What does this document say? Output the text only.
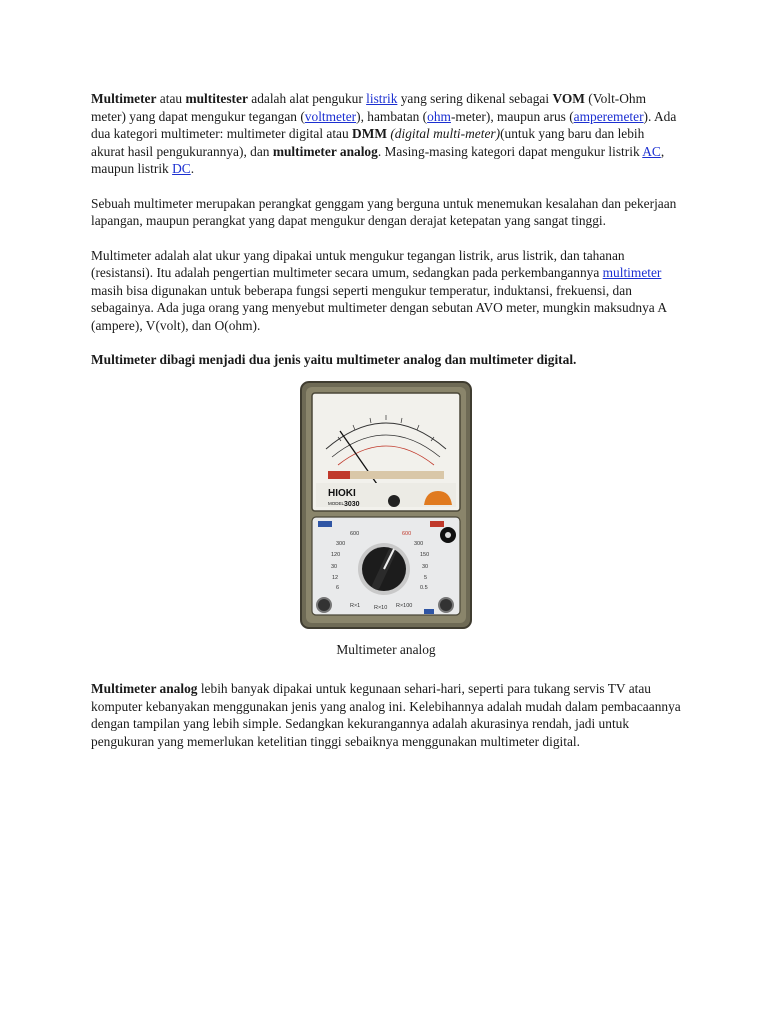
Multimeter atau multitester adalah alat pengukur listrik yang sering dikenal sebagai VOM (Volt-Ohm meter) yang dapat mengukur tegangan (voltmeter), hambatan (ohm-meter), maupun arus (amperemeter). Ada dua kategori multimeter: multimeter digital atau DMM (digital multi-meter)(untuk yang baru dan lebih akurat hasil pengukurannya), dan multimeter analog. Masing-masing kategori dapat mengukur listrik AC, maupun listrik DC.

Sebuah multimeter merupakan perangkat genggam yang berguna untuk menemukan kesalahan dan pekerjaan lapangan, maupun perangkat yang dapat mengukur dengan derajat ketepatan yang sangat tinggi.

Multimeter adalah alat ukur yang dipakai untuk mengukur tegangan listrik, arus listrik, dan tahanan (resistansi). Itu adalah pengertian multimeter secara umum, sedangkan pada perkembangannya multimeter masih bisa digunakan untuk beberapa fungsi seperti mengukur temperatur, induktansi, frekuensi, dan sebagainya. Ada juga orang yang menyebut multimeter dengan sebutan AVO meter, mungkin maksudnya A (ampere), V(volt), dan O(ohm).

Multimeter dibagi menjadi dua jenis yaitu multimeter analog dan multimeter digital.

HIOKI
MODEL 3030
600
300
120
30
12
6
600
300
150
30
5
0.5
R×1	R×10 R×100
Multimeter analog

Multimeter analog lebih banyak dipakai untuk kegunaan sehari-hari, seperti para tukang servis TV atau komputer kebanyakan menggunakan jenis yang analog ini. Kelebihannya adalah mudah dalam pembacaannya dengan tampilan yang lebih simple. Sedangkan kekurangannya adalah akurasinya rendah, jadi untuk pengukuran yang memerlukan ketelitian tinggi sebaiknya menggunakan multimeter digital.
